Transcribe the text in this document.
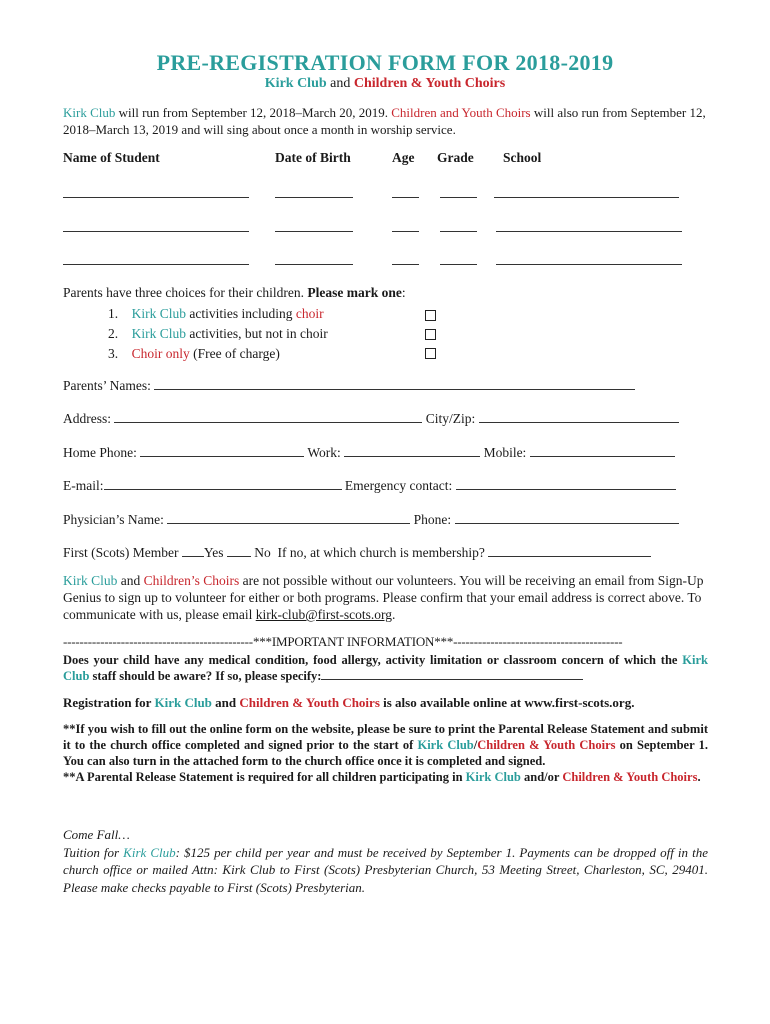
PRE-REGISTRATION FORM FOR 2018-2019
Kirk Club and Children & Youth Choirs
Kirk Club will run from September 12, 2018–March 20, 2019. Children and Youth Choirs will also run from September 12, 2018–March 13, 2019 and will sing about once a month in worship service.
Name of Student	Date of Birth	Age Grade School
Parents have three choices for their children. Please mark one:
1. Kirk Club activities including choir
2. Kirk Club activities, but not in choir
3. Choir only (Free of charge)
Parents’ Names:
Address:	City/Zip:
Home Phone:	Work:	Mobile:
E-mail:	Emergency contact:
Physician’s Name:	Phone:
First (Scots) Member Yes No If no, at which church is membership?
Kirk Club and Children’s Choirs are not possible without our volunteers. You will be receiving an email from Sign-Up Genius to sign up to volunteer for either or both programs. Please confirm that your email address is correct above. To communicate with us, please email kirk-club@first-scots.org.
----------------------------------------------***IMPORTANT INFORMATION***-----------------------------------------
Does your child have any medical condition, food allergy, activity limitation or classroom concern of which the Kirk Club staff should be aware? If so, please specify:
Registration for Kirk Club and Children & Youth Choirs is also available online at www.first-scots.org.
**If you wish to fill out the online form on the website, please be sure to print the Parental Release Statement and submit it to the church office completed and signed prior to the start of Kirk Club/Children & Youth Choirs on September 1. You can also turn in the attached form to the church office once it is completed and signed.
**A Parental Release Statement is required for all children participating in Kirk Club and/or Children & Youth Choirs.
Come Fall…
Tuition for Kirk Club: $125 per child per year and must be received by September 1. Payments can be dropped off in the church office or mailed Attn: Kirk Club to First (Scots) Presbyterian Church, 53 Meeting Street, Charleston, SC, 29401. Please make checks payable to First (Scots) Presbyterian.
